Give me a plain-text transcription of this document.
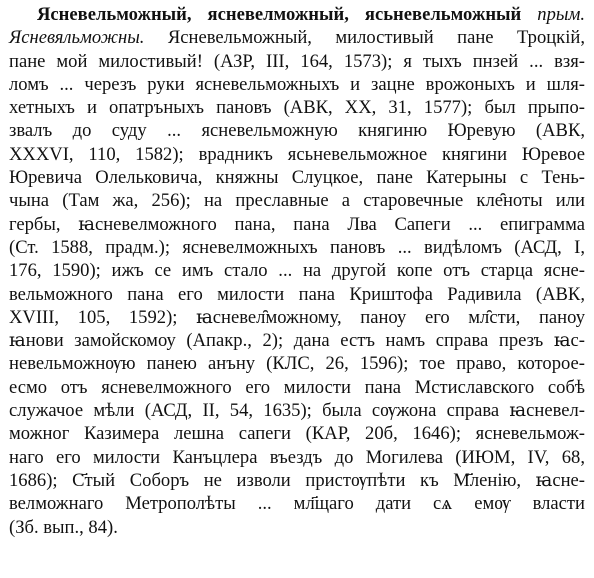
Ясневельможный, ясневелможный, ясьневельможный прым.
Ясневяльможны. Ясневельможный, милостивый пане Троцкій,
пане мой милостивый! (АЗР, III, 164, 1573); я тыхъ пнзей ... взя-
ломъ ... черезъ руки ясневельможныхъ и зацне врожоныхъ и шля-
хетныхъ и опатръныхъ пановъ (АВК, XX, 31, 1577); был прыпо-
звалъ до суду ... ясневельможную княгиню Юревую (АВК,
XXXVI, 110, 1582); врадникъ ясьневельможное княгини Юревое
Юревича Олельковича, княжны Слуцкое, пане Катерыны с Тень-
чына (Там жа, 256); на преславные а старовечные кле̑ноты или
гербы, ꙗсневелможного пана, пана Лва Сапеги ... епиграмма
(Ст. 1588, прадм.); ясневелможныхъ пановъ ... видѣломъ (АСД, I,
176, 1590); ижъ се имъ стало ... на другой копе отъ старца ясне-
вельможного пана его милости пана Криштофа Радивила (АВК,
XVIII, 105, 1592); ꙗсневел̑можному, паноу его мл̑сти, паноу
ꙗнови замойскомоу (Апакр., 2); дана естъ намъ справа презъ ꙗс-
невельможнѹю панею анъну (КЛС, 26, 1596); тое право, которое-
есмо отъ ясневелможного его милости пана Мстиславского собѣ
служачое мѣли (АСД, II, 54, 1635); была сѹжона справа ꙗсневел-
можног Казимера лешна сапеги (КАР, 20б, 1646); ясневельмож-
наго его милости Канъцлера въездъ до Могилева (ИЮМ, IV, 68,
1686); С҃тый Соборъ не изволи пристѹпѣти къ М҃ленію, ꙗсне-
велможнаго Метрополѣты ... мл҃щаго дати сѧ емѹ власти
(Зб. вып., 84).
